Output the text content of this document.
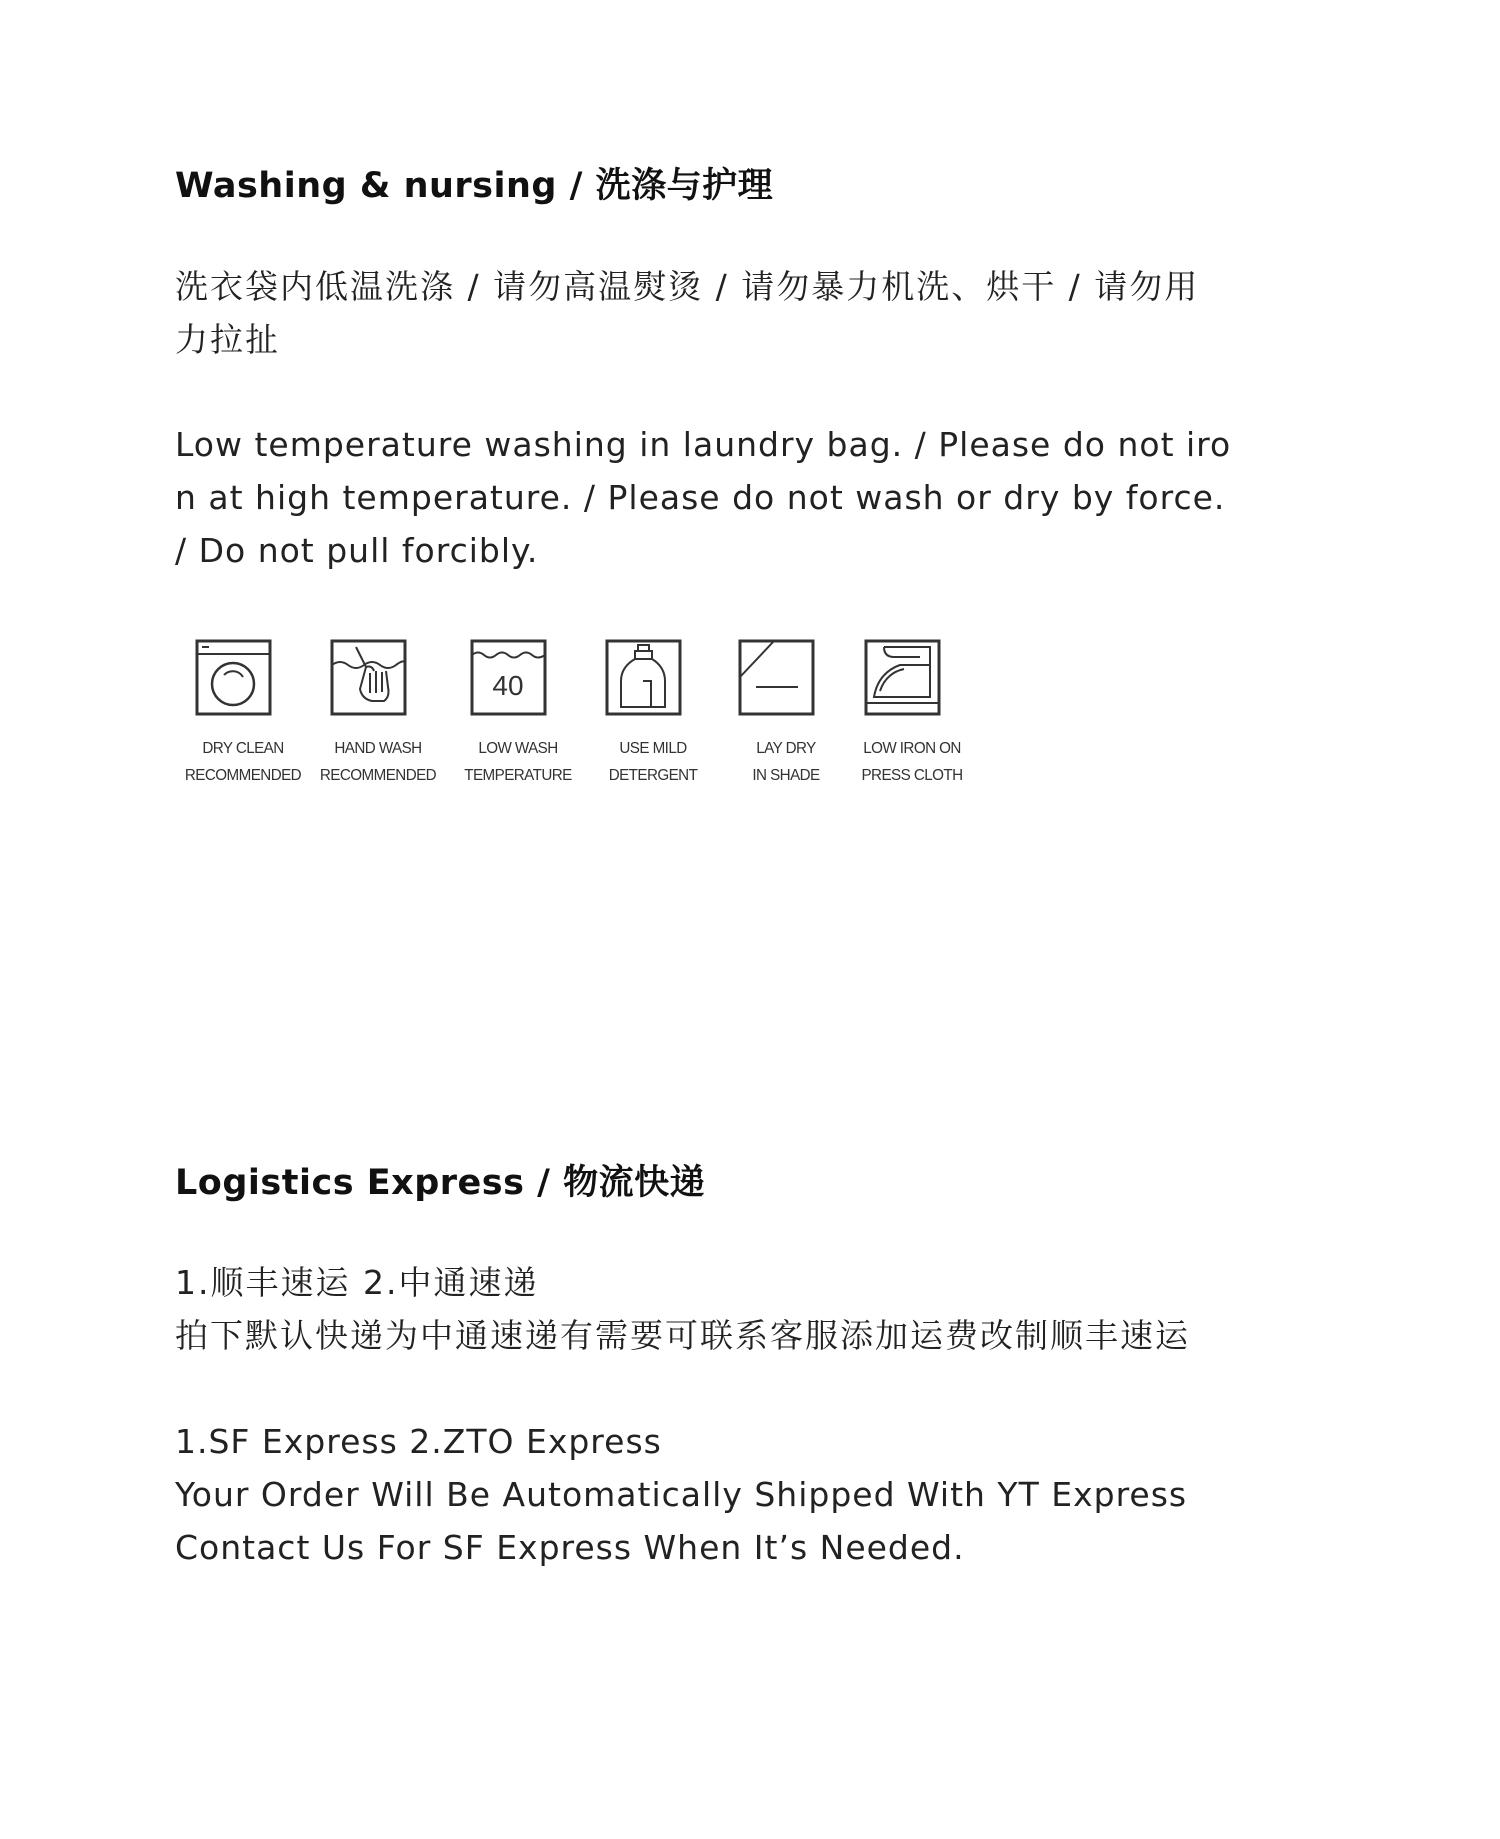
Washing & nursing / 洗涤与护理
洗衣袋内低温洗涤 / 请勿高温熨烫 / 请勿暴力机洗、烘干 / 请勿用
力拉扯
Low temperature washing in laundry bag. / Please do not iro
n at high temperature. / Please do not wash or dry by force.
/ Do not pull forcibly.
DRY CLEAN
RECOMMENDED
HAND WASH
RECOMMENDED
40
LOW WASH
TEMPERATURE
USE MILD
DETERGENT
LAY DRY
IN SHADE
LOW IRON ON
PRESS CLOTH
Logistics Express / 物流快递
1.顺丰速运 2.中通速递
拍下默认快递为中通速递有需要可联系客服添加运费改制顺丰速运
1.SF Express 2.ZTO Express
Your Order Will Be Automatically Shipped With YT Express
Contact Us For SF Express When It’s Needed.
